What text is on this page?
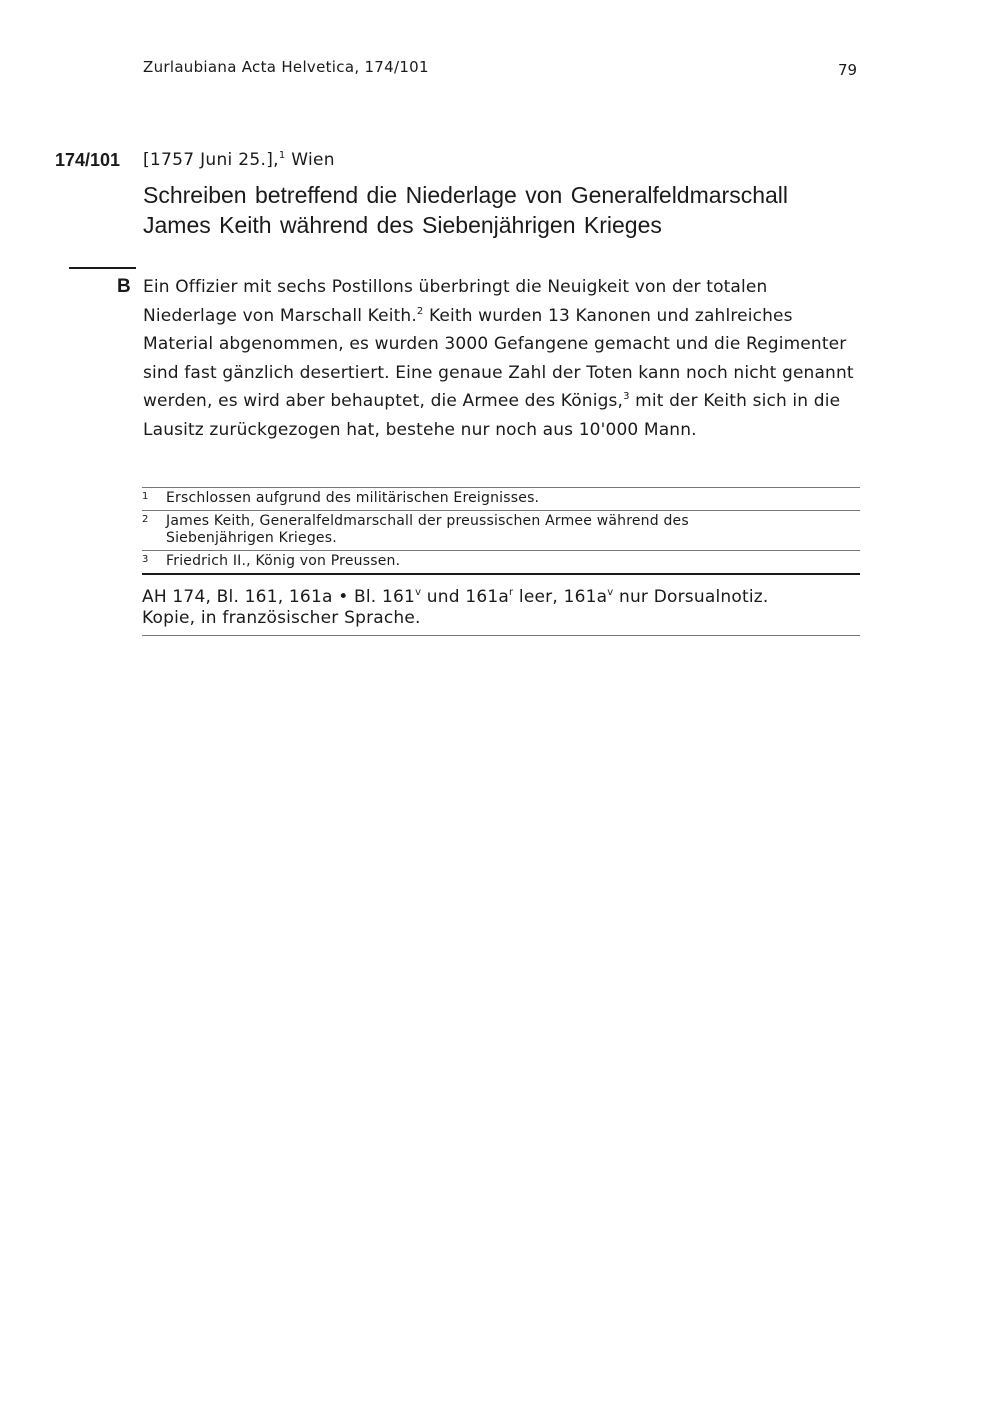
Zurlaubiana Acta Helvetica, 174/101	79
174/101 [1757 Juni 25.],$^1$ Wien
Schreiben betreffend die Niederlage von Generalfeldmarschall James Keith während des Siebenjährigen Krieges
B Ein Offizier mit sechs Postillons überbringt die Neuigkeit von der totalen Niederlage von Marschall Keith.$^2$ Keith wurden 13 Kanonen und zahlreiches Material abgenommen, es wurden 3000 Gefangene gemacht und die Regimenter sind fast gänzlich desertiert. Eine genaue Zahl der Toten kann noch nicht genannt werden, es wird aber behauptet, die Armee des Königs,$^3$ mit der Keith sich in die Lausitz zurückgezogen hat, bestehe nur noch aus 10'000 Mann.
1 Erschlossen aufgrund des militärischen Ereignisses.
2 James Keith, Generalfeldmarschall der preussischen Armee während des Siebenjährigen Krieges.
3 Friedrich II., König von Preussen.
AH 174, Bl. 161, 161a • Bl. 161$^v$ und $161a^r$ leer, $161a^v$ nur Dorsualnotiz.
Kopie, in französischer Sprache.
